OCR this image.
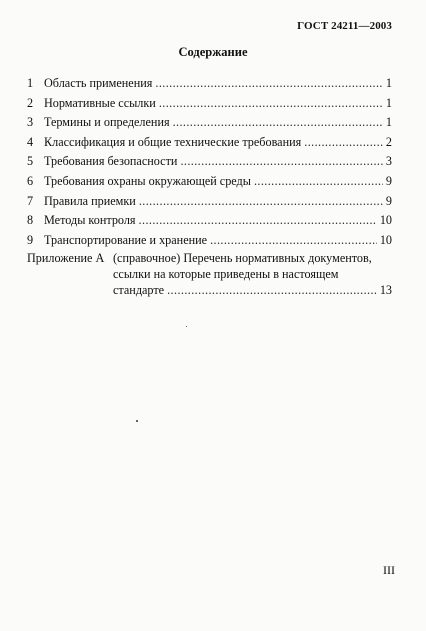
ГОСТ 24211—2003
Содержание
1 Область применения .....	1
2 Нормативные ссылки .....	1
3 Термины и определения .....	1
4 Классификация и общие технические требования .....	2
5 Требования безопасности .....	3
6 Требования охраны окружающей среды .....	9
7 Правила приемки .....	9
8 Методы контроля .....	10
9 Транспортирование и хранение .....	10
Приложение А (справочное) Перечень нормативных документов,
ссылки на которые приведены в настоящем
стандарте .....	13
III
